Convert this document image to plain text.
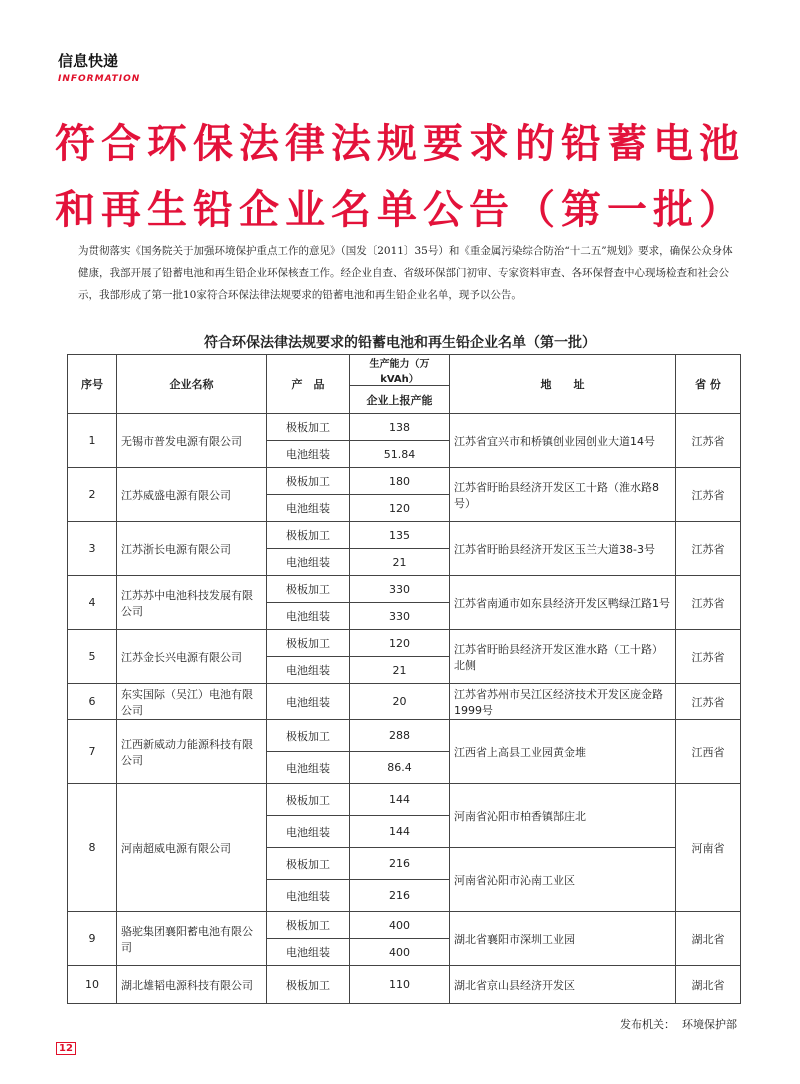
信息快递
INFORMATION
符合环保法律法规要求的铅蓄电池
和再生铅企业名单公告（第一批）
为贯彻落实《国务院关于加强环境保护重点工作的意见》（国发〔2011〕35号）和《重金属污染综合防治“十二五”规划》要求，确保公众身体健康，我部开展了铅蓄电池和再生铅企业环保核查工作。经企业自查、省级环保部门初审、专家资料审查、各环保督查中心现场检查和社会公示，我部形成了第一批10家符合环保法律法规要求的铅蓄电池和再生铅企业名单，现予以公告。
符合环保法律法规要求的铅蓄电池和再生铅企业名单（第一批）
序号	企业名称	产　品	生产能力（万kVAh）	地　　址	省 份
			企业上报产能		
1	无锡市普发电源有限公司	极板加工	138	江苏省宜兴市和桥镇创业园创业大道14号	江苏省
		电池组装	51.84		
2	江苏威盛电源有限公司	极板加工	180	江苏省盱眙县经济开发区工十路（淮水路8号）	江苏省
		电池组装	120		
3	江苏浙长电源有限公司	极板加工	135	江苏省盱眙县经济开发区玉兰大道38-3号	江苏省
		电池组装	21		
4	江苏苏中电池科技发展有限公司	极板加工	330	江苏省南通市如东县经济开发区鸭绿江路1号	江苏省
		电池组装	330		
5	江苏金长兴电源有限公司	极板加工	120	江苏省盱眙县经济开发区淮水路（工十路）北侧	江苏省
		电池组装	21		
6	东实国际（吴江）电池有限公司	电池组装	20	江苏省苏州市吴江区经济技术开发区庞金路1999号	江苏省
7	江西新威动力能源科技有限公司	极板加工	288	江西省上高县工业园黄金堆	江西省
		电池组装	86.4		
8	河南超威电源有限公司	极板加工	144	河南省沁阳市柏香镇郜庄北	河南省
		电池组装	144		
		极板加工	216	河南省沁阳市沁南工业区	
		电池组装	216		
9	骆驼集团襄阳蓄电池有限公司	极板加工	400	湖北省襄阳市深圳工业园	湖北省
		电池组装	400		
10	湖北雄韬电源科技有限公司	极板加工	110	湖北省京山县经济开发区	湖北省
发布机关： 环境保护部
12
